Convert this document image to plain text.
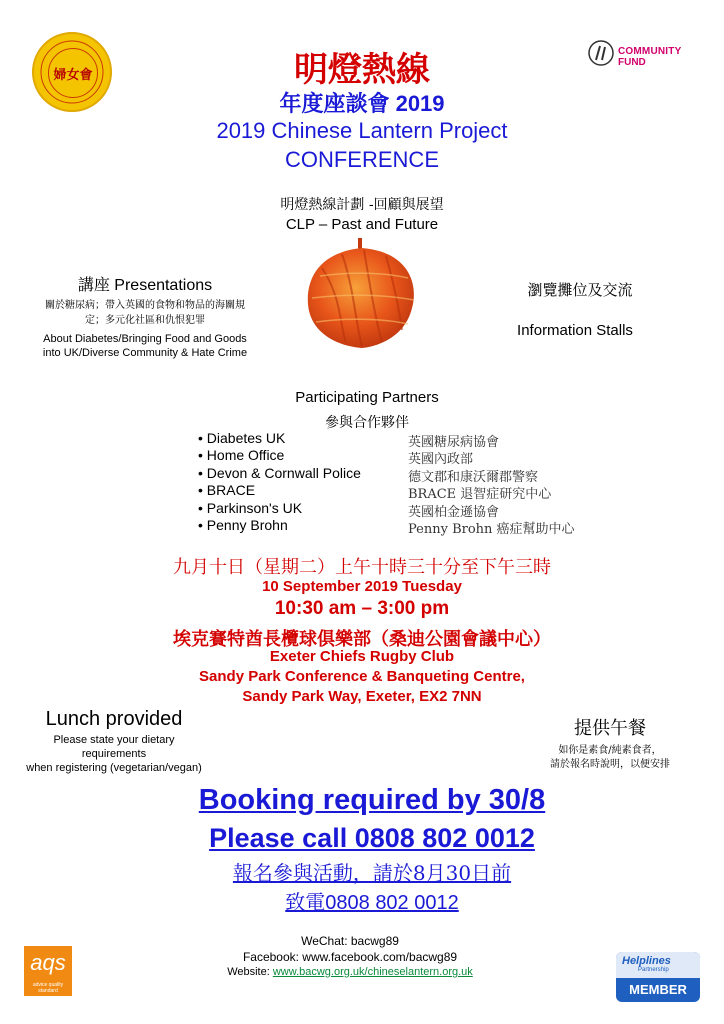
婦女會
COMMUNITY
FUND
明燈熱線
年度座談會 2019
2019 Chinese Lantern Project
CONFERENCE
明燈熱線計劃 -回顧與展望
CLP – Past and Future
講座 Presentations
關於糖尿病；帶入英國的食物和物品的海關規定；多元化社區和仇恨犯罪
About Diabetes/Bringing Food and Goods into UK/Diverse Community & Hate Crime
瀏覽攤位及交流
Information Stalls
Participating Partners
參與合作夥伴
• Diabetes UK	英國糖尿病協會
• Home Office	英國內政部
• Devon & Cornwall Police	德文郡和康沃爾郡警察
• BRACE	BRACE 退智症研究中心
• Parkinson's UK	英國柏金遜協會
• Penny Brohn	Penny Brohn 癌症幫助中心
九月十日（星期二）上午十時三十分至下午三時
10 September 2019 Tuesday
10:30 am – 3:00 pm
埃克賽特酋長欖球俱樂部（桑迪公園會議中心）
Exeter Chiefs Rugby Club
Sandy Park Conference & Banqueting Centre,
Sandy Park Way, Exeter, EX2 7NN
Lunch provided
Please state your dietary
requirements
when registering (vegetarian/vegan)
提供午餐
如你是素食/純素食者，
請於報名時說明，以便安排
Booking required by 30/8
Please call 0808 802 0012
報名參與活動，請於8月30日前
致電0808 802 0012
WeChat: bacwg89
Facebook: www.facebook.com/bacwg89
Website: www.bacwg.org.uk/chineselantern.org.uk
aqs
advice quality standard
Helplines
Partnership
MEMBER
